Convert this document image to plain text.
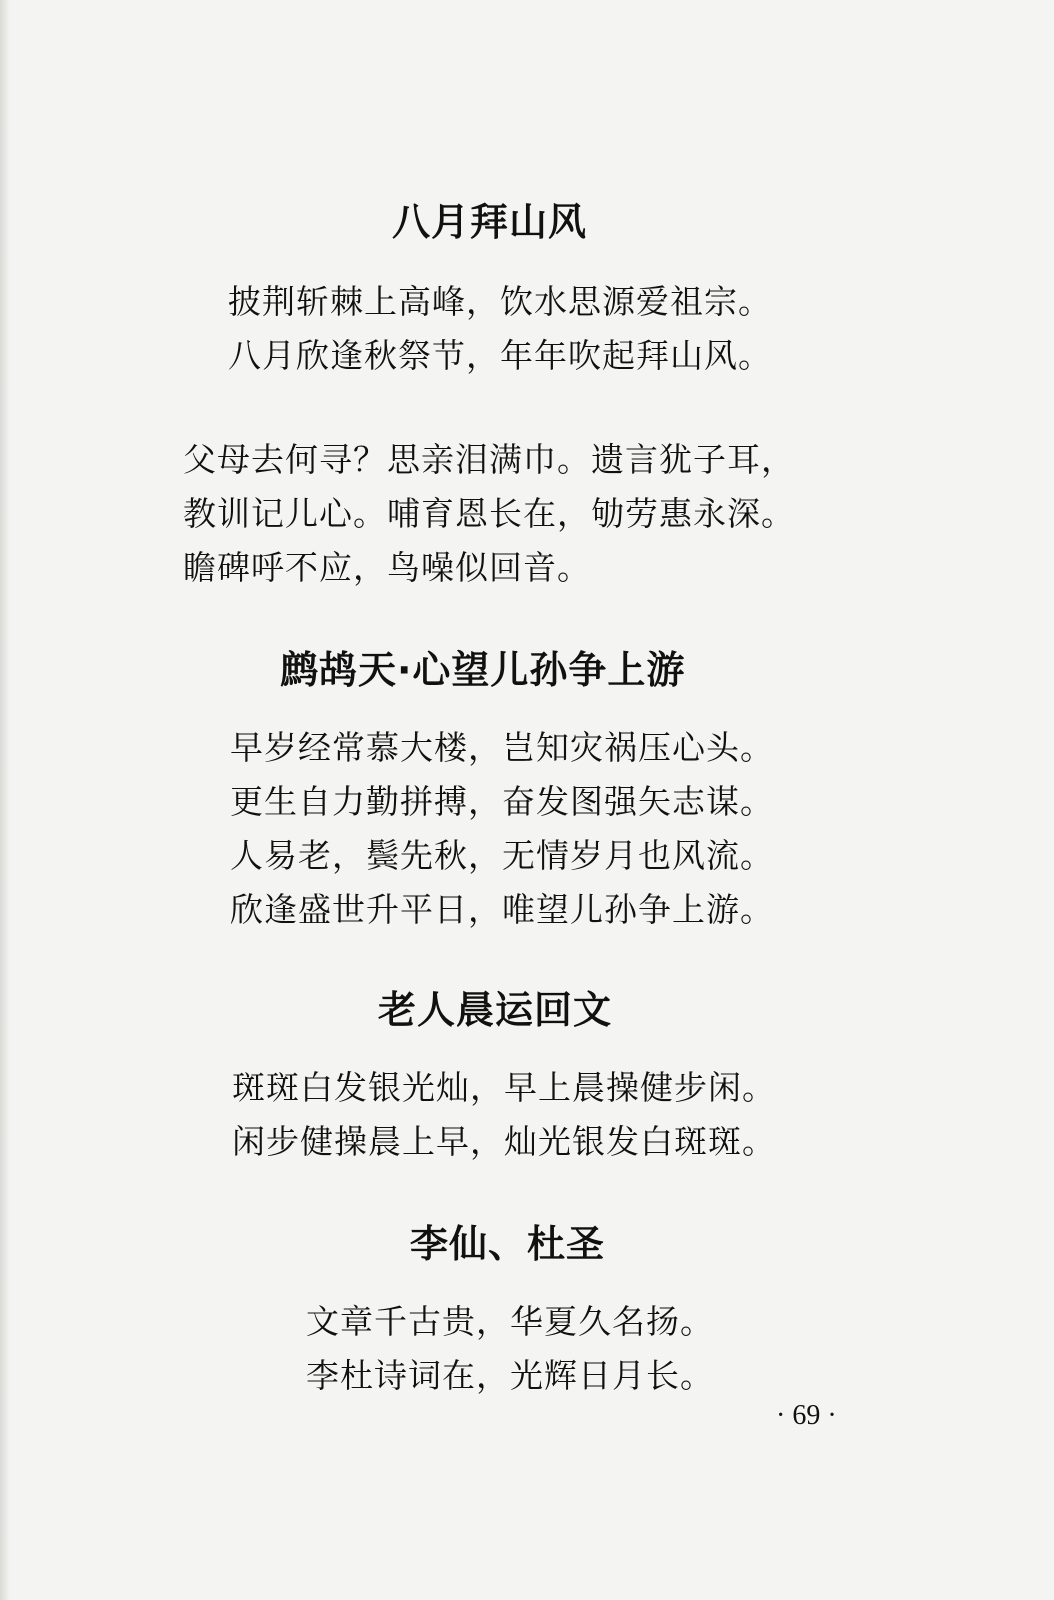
八月拜山风
披荆斩棘上高峰，饮水思源爱祖宗。
八月欣逢秋祭节，年年吹起拜山风。
父母去何寻？思亲泪满巾。遗言犹子耳，
教训记儿心。哺育恩长在，劬劳惠永深。
瞻碑呼不应，鸟噪似回音。
鹧鸪天·心望儿孙争上游
早岁经常慕大楼，岂知灾祸压心头。
更生自力勤拼搏，奋发图强矢志谋。
人易老，鬓先秋，无情岁月也风流。
欣逢盛世升平日，唯望儿孙争上游。
老人晨运回文
斑斑白发银光灿，早上晨操健步闲。
闲步健操晨上早，灿光银发白斑斑。
李仙、杜圣
文章千古贵，华夏久名扬。
李杜诗词在，光辉日月长。
· 69 ·
